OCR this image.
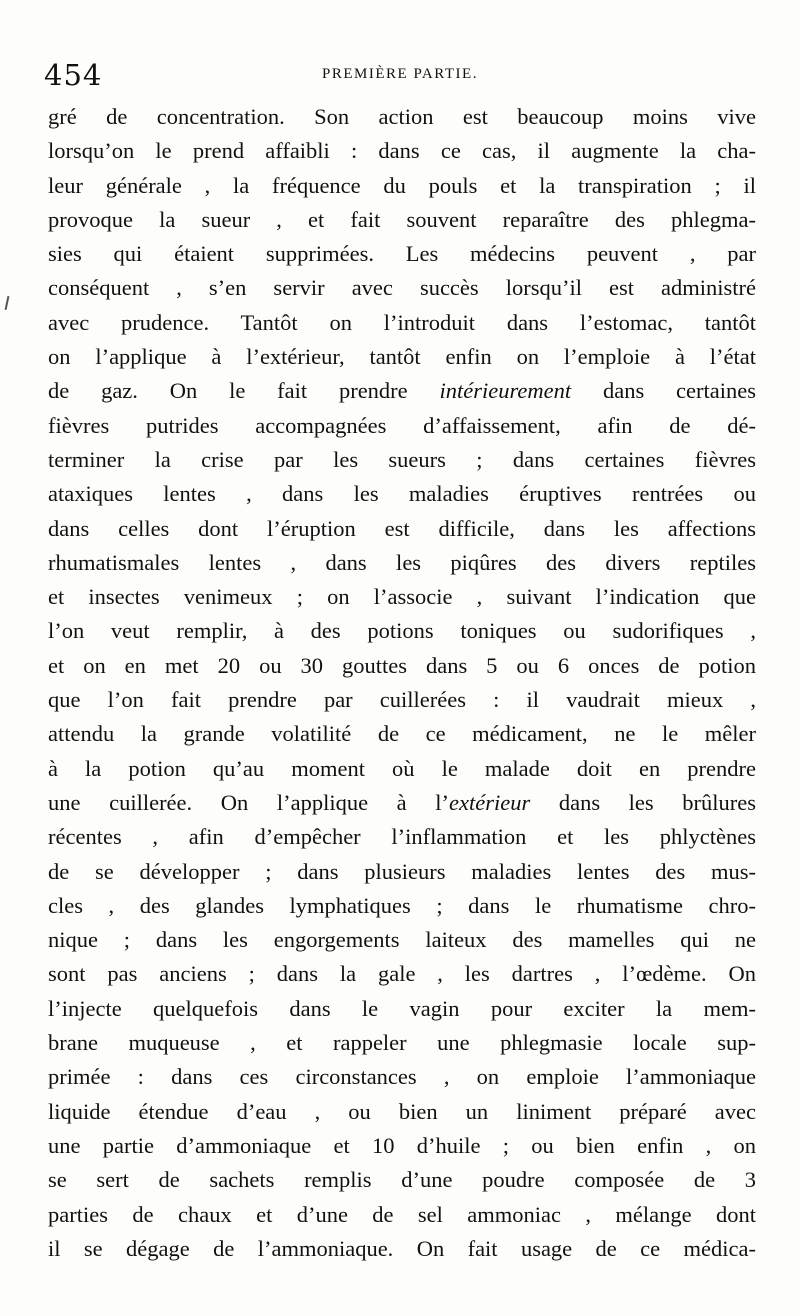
454	PREMIÈRE PARTIE.
gré de concentration. Son action est beaucoup moins vive
lorsqu’on le prend affaibli : dans ce cas, il augmente la cha-
leur générale , la fréquence du pouls et la transpiration ; il
provoque la sueur , et fait souvent reparaître des phlegma-
sies qui étaient supprimées. Les médecins peuvent , par
conséquent , s’en servir avec succès lorsqu’il est administré
avec prudence. Tantôt on l’introduit dans l’estomac, tantôt
on l’applique à l’extérieur, tantôt enfin on l’emploie à l’état
de gaz. On le fait prendre intérieurement dans certaines
fièvres putrides accompagnées d’affaissement, afin de dé-
terminer la crise par les sueurs ; dans certaines fièvres
ataxiques lentes , dans les maladies éruptives rentrées ou
dans celles dont l’éruption est difficile, dans les affections
rhumatismales lentes , dans les piqûres des divers reptiles
et insectes venimeux ; on l’associe , suivant l’indication que
l’on veut remplir, à des potions toniques ou sudorifiques ,
et on en met 20 ou 30 gouttes dans 5 ou 6 onces de potion
que l’on fait prendre par cuillerées : il vaudrait mieux ,
attendu la grande volatilité de ce médicament, ne le mêler
à la potion qu’au moment où le malade doit en prendre
une cuillerée. On l’applique à l’extérieur dans les brûlures
récentes , afin d’empêcher l’inflammation et les phlyctènes
de se développer ; dans plusieurs maladies lentes des mus-
cles , des glandes lymphatiques ; dans le rhumatisme chro-
nique ; dans les engorgements laiteux des mamelles qui ne
sont pas anciens ; dans la gale , les dartres , l’œdème. On
l’injecte quelquefois dans le vagin pour exciter la mem-
brane muqueuse , et rappeler une phlegmasie locale sup-
primée : dans ces circonstances , on emploie l’ammoniaque
liquide étendue d’eau , ou bien un liniment préparé avec
une partie d’ammoniaque et 10 d’huile ; ou bien enfin , on
se sert de sachets remplis d’une poudre composée de 3
parties de chaux et d’une de sel ammoniac , mélange dont
il se dégage de l’ammoniaque. On fait usage de ce médica-
